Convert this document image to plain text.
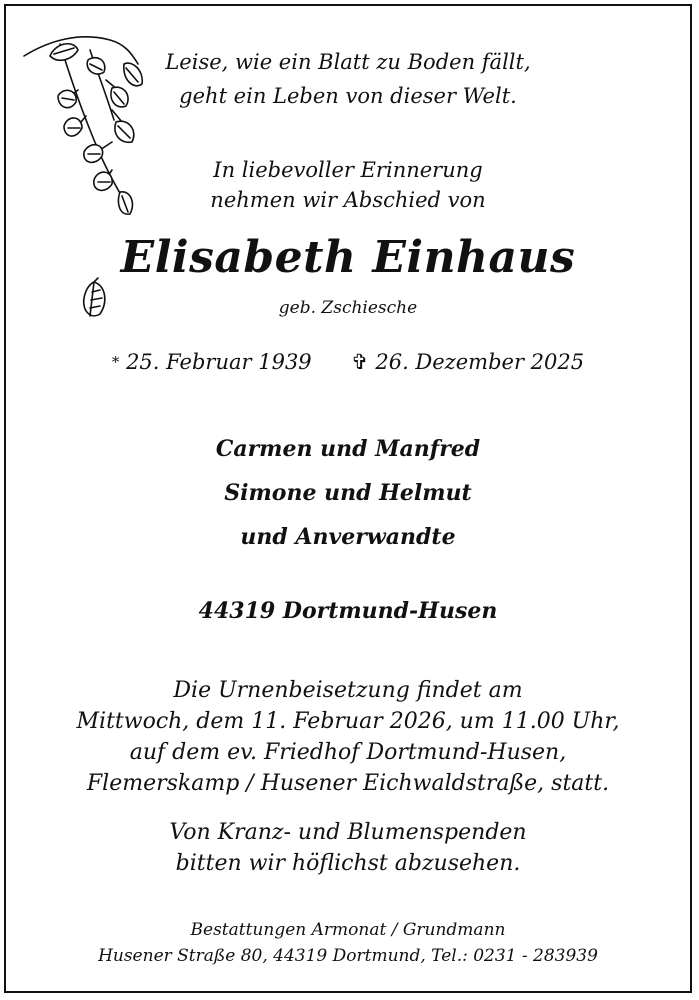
Leise, wie ein Blatt zu Boden fällt,
geht ein Leben von dieser Welt.
In liebevoller Erinnerung
nehmen wir Abschied von
Elisabeth Einhaus
geb. Zschiesche
* 25. Februar 1939 ✞ 26. Dezember 2025
Carmen und Manfred
Simone und Helmut
und Anverwandte
44319 Dortmund-Husen
Die Urnenbeisetzung findet am
Mittwoch, dem 11. Februar 2026, um 11.00 Uhr,
auf dem ev. Friedhof Dortmund-Husen,
Flemerskamp / Husener Eichwaldstraße, statt.
Von Kranz- und Blumenspenden
bitten wir höflichst abzusehen.
Bestattungen Armonat / Grundmann
Husener Straße 80, 44319 Dortmund, Tel.: 0231 - 283939
